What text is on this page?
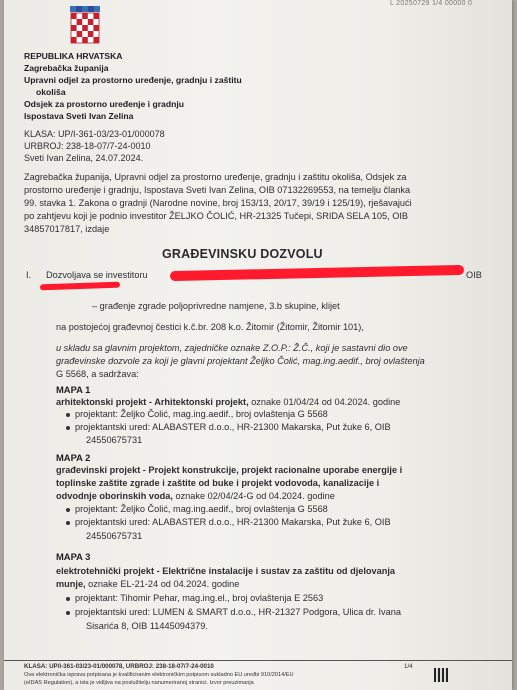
L 20250729 1/4 00000 0
REPUBLIKA HRVATSKA
Zagrebačka županija
Upravni odjel za prostorno uređenje, gradnju i zaštitu
okoliša
Odsjek za prostorno uređenje i gradnju
Ispostava Sveti Ivan Zelina
KLASA: UP/I-361-03/23-01/000078
URBROJ: 238-18-07/7-24-0010
Sveti Ivan Zelina, 24.07.2024.
Zagrebačka županija, Upravni odjel za prostorno uređenje, gradnju i zaštitu okoliša, Odsjek za
prostorno uređenje i gradnju, Ispostava Sveti Ivan Zelina, OIB 07132269553, na temelju članka
99. stavka 1. Zakona o gradnji (Narodne novine, broj 153/13, 20/17, 39/19 i 125/19), rješavajući
po zahtjevu koji je podnio investitor ŽELJKO ČOLIĆ, HR-21325 Tučepi, SRIDA SELA 105, OIB
34857017817, izdaje
GRAĐEVINSKU DOZVOLU
I. Dozvoljava se investitoru	OIB
– građenje zgrade poljoprivredne namjene, 3.b skupine, klijet
na postojećoj građevnoj čestici k.č.br. 208 k.o. Žitomir (Žitomir, Žitomir 101),
u skladu sa glavnim projektom, zajedničke oznake Z.O.P.: Ž.Č., koji je sastavni dio ove
građevinske dozvole za koji je glavni projektant Željko Čolić, mag.ing.aedif., broj ovlaštenja
G 5568, a sadržava:
MAPA 1
arhitektonski projekt - Arhitektonski projekt, oznake 01/04/24 od 04.2024. godine
projektant: Željko Čolić, mag.ing.aedif., broj ovlaštenja G 5568
projektantski ured: ALABASTER d.o.o., HR-21300 Makarska, Put žuke 6, OIB
24550675731
MAPA 2
građevinski projekt - Projekt konstrukcije, projekt racionalne uporabe energije i
toplinske zaštite zgrade i zaštite od buke i projekt vodovoda, kanalizacije i
odvodnje oborinskih voda, oznake 02/04/24-G od 04.2024. godine
projektant: Željko Čolić, mag.ing.aedif., broj ovlaštenja G 5568
projektantski ured: ALABASTER d.o.o., HR-21300 Makarska, Put žuke 6, OIB
24550675731
MAPA 3
elektrotehnički projekt - Električne instalacije i sustav za zaštitu od djelovanja
munje, oznake EL-21-24 od 04.2024. godine
projektant: Tihomir Pehar, mag.ing.el., broj ovlaštenja E 2563
projektantski ured: LUMEN & SMART d.o.o., HR-21327 Podgora, Ulica dr. Ivana
Sisarića 8, OIB 11445094379.
KLASA: UP/I-361-03/23-01/000078, URBROJ: 238-18-07/7-24-0010	1/4
Ova elektronička isprava potpisana je kvalificiranim elektroničkim potpisom sukladno EU uredbi 910/2014/EU
(eIDAS Regulation), a ista je vidljiva na poslužitelju nanumeriranoj stranici. Izvor preuzimanja
